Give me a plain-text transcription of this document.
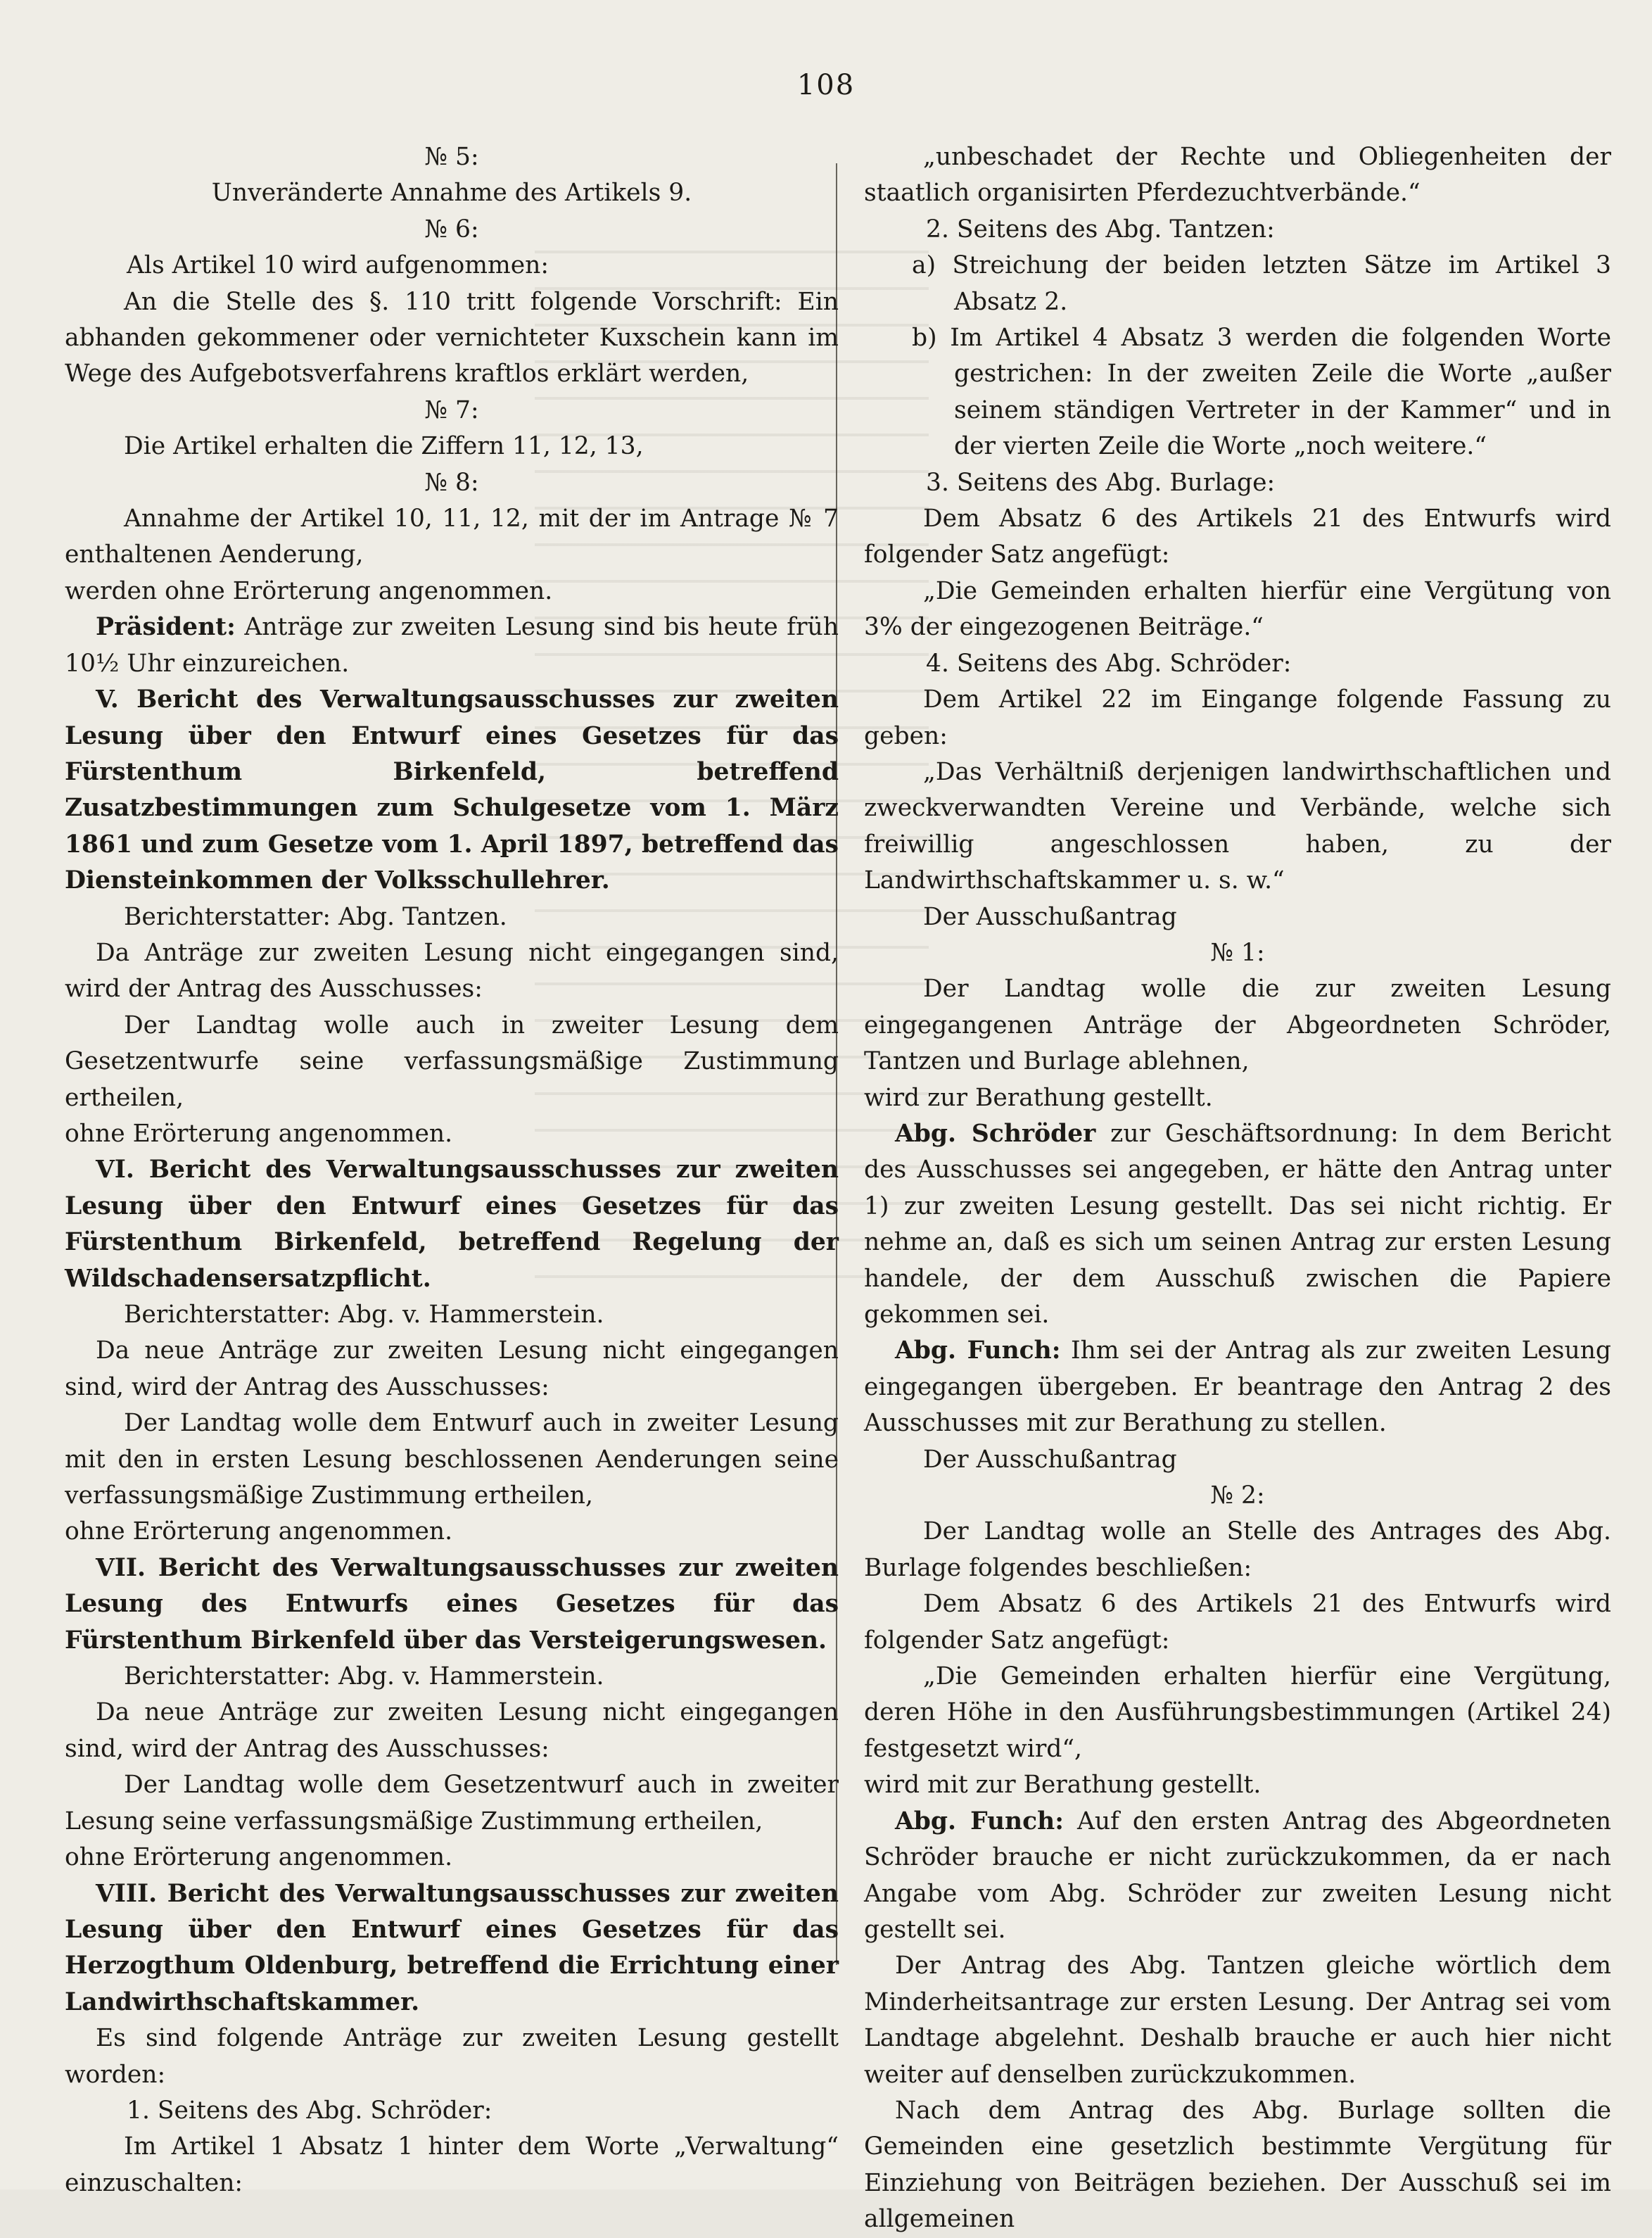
108

№ 5:

Unveränderte Annahme des Artikels 9.

№ 6:

Als Artikel 10 wird aufgenommen:

An die Stelle des §. 110 tritt folgende Vorschrift: Ein abhanden gekommener oder vernichteter Kuxschein kann im Wege des Aufgebotsverfahrens kraftlos erklärt werden,

№ 7:

Die Artikel erhalten die Ziffern 11, 12, 13,

№ 8:

Annahme der Artikel 10, 11, 12, mit der im Antrage № 7 enthaltenen Aenderung,

werden ohne Erörterung angenommen.

Präsident: Anträge zur zweiten Lesung sind bis heute früh 10½ Uhr einzureichen.

V. Bericht des Verwaltungsausschusses zur zweiten Lesung über den Entwurf eines Gesetzes für das Fürstenthum Birkenfeld, betreffend Zusatzbestimmungen zum Schulgesetze vom 1. März 1861 und zum Gesetze vom 1. April 1897, betreffend das Diensteinkommen der Volksschullehrer.

Berichterstatter: Abg. Tantzen.

Da Anträge zur zweiten Lesung nicht eingegangen sind, wird der Antrag des Ausschusses:

Der Landtag wolle auch in zweiter Lesung dem Gesetzentwurfe seine verfassungsmäßige Zustimmung ertheilen,

ohne Erörterung angenommen.

VI. Bericht des Verwaltungsausschusses zur zweiten Lesung über den Entwurf eines Gesetzes für das Fürstenthum Birkenfeld, betreffend Regelung der Wildschadensersatzpflicht.

Berichterstatter: Abg. v. Hammerstein.

Da neue Anträge zur zweiten Lesung nicht eingegangen sind, wird der Antrag des Ausschusses:

Der Landtag wolle dem Entwurf auch in zweiter Lesung mit den in ersten Lesung beschlossenen Aenderungen seine verfassungsmäßige Zustimmung ertheilen,

ohne Erörterung angenommen.

VII. Bericht des Verwaltungsausschusses zur zweiten Lesung des Entwurfs eines Gesetzes für das Fürstenthum Birkenfeld über das Versteigerungswesen.

Berichterstatter: Abg. v. Hammerstein.

Da neue Anträge zur zweiten Lesung nicht eingegangen sind, wird der Antrag des Ausschusses:

Der Landtag wolle dem Gesetzentwurf auch in zweiter Lesung seine verfassungsmäßige Zustimmung ertheilen,

ohne Erörterung angenommen.

VIII. Bericht des Verwaltungsausschusses zur zweiten Lesung über den Entwurf eines Gesetzes für das Herzogthum Oldenburg, betreffend die Errichtung einer Landwirthschaftskammer.

Es sind folgende Anträge zur zweiten Lesung gestellt worden:

1. Seitens des Abg. Schröder:

Im Artikel 1 Absatz 1 hinter dem Worte „Verwaltung“ einzuschalten:

„unbeschadet der Rechte und Obliegenheiten der staatlich organisirten Pferdezuchtverbände.“

2. Seitens des Abg. Tantzen:

a) Streichung der beiden letzten Sätze im Artikel 3 Absatz 2.

b) Im Artikel 4 Absatz 3 werden die folgenden Worte gestrichen: In der zweiten Zeile die Worte „außer seinem ständigen Vertreter in der Kammer“ und in der vierten Zeile die Worte „noch weitere.“

3. Seitens des Abg. Burlage:

Dem Absatz 6 des Artikels 21 des Entwurfs wird folgender Satz angefügt:

„Die Gemeinden erhalten hierfür eine Vergütung von 3% der eingezogenen Beiträge.“

4. Seitens des Abg. Schröder:

Dem Artikel 22 im Eingange folgende Fassung zu geben:

„Das Verhältniß derjenigen landwirthschaftlichen und zweckverwandten Vereine und Verbände, welche sich freiwillig angeschlossen haben, zu der Landwirthschaftskammer u. s. w.“

Der Ausschußantrag

№ 1:

Der Landtag wolle die zur zweiten Lesung eingegangenen Anträge der Abgeordneten Schröder, Tantzen und Burlage ablehnen,

wird zur Berathung gestellt.

Abg. Schröder zur Geschäftsordnung: In dem Bericht des Ausschusses sei angegeben, er hätte den Antrag unter 1) zur zweiten Lesung gestellt. Das sei nicht richtig. Er nehme an, daß es sich um seinen Antrag zur ersten Lesung handele, der dem Ausschuß zwischen die Papiere gekommen sei.

Abg. Funch: Ihm sei der Antrag als zur zweiten Lesung eingegangen übergeben. Er beantrage den Antrag 2 des Ausschusses mit zur Berathung zu stellen.

Der Ausschußantrag

№ 2:

Der Landtag wolle an Stelle des Antrages des Abg. Burlage folgendes beschließen:

Dem Absatz 6 des Artikels 21 des Entwurfs wird folgender Satz angefügt:

„Die Gemeinden erhalten hierfür eine Vergütung, deren Höhe in den Ausführungsbestimmungen (Artikel 24) festgesetzt wird“,

wird mit zur Berathung gestellt.

Abg. Funch: Auf den ersten Antrag des Abgeordneten Schröder brauche er nicht zurückzukommen, da er nach Angabe vom Abg. Schröder zur zweiten Lesung nicht gestellt sei.

Der Antrag des Abg. Tantzen gleiche wörtlich dem Minderheitsantrage zur ersten Lesung. Der Antrag sei vom Landtage abgelehnt. Deshalb brauche er auch hier nicht weiter auf denselben zurückzukommen.

Nach dem Antrag des Abg. Burlage sollten die Gemeinden eine gesetzlich bestimmte Vergütung für Einziehung von Beiträgen beziehen. Der Ausschuß sei im allgemeinen
